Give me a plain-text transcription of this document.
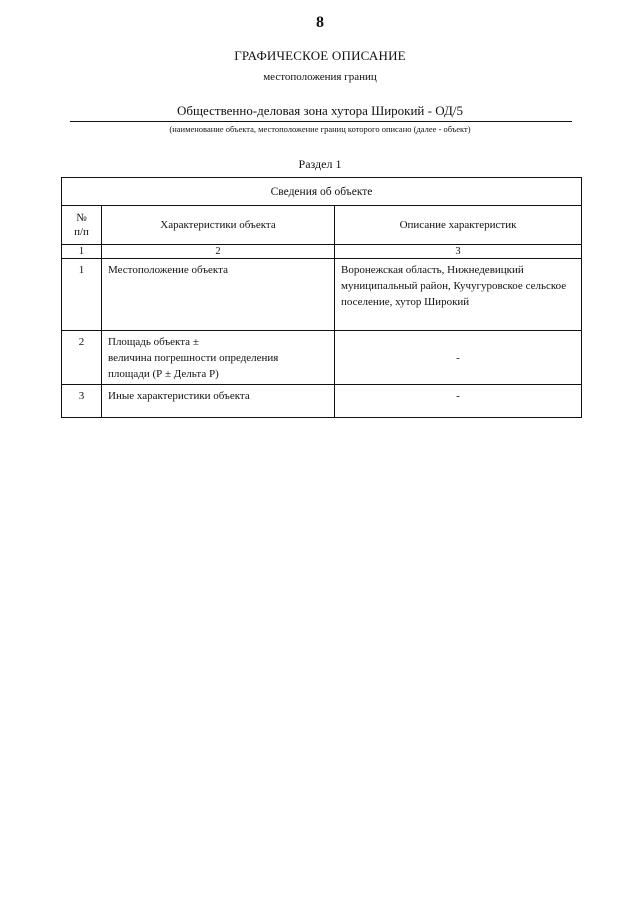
8
ГРАФИЧЕСКОЕ ОПИСАНИЕ
местоположения границ
Общественно-деловая зона хутора Широкий - ОД/5
(наименование объекта, местоположение границ которого описано (далее - объект)
Раздел 1
Сведения об объекте		

№
п/п	Характеристики объекта	Описание характеристик
1	2	3
1	Местоположение объекта	Воронежская область, Нижнедевицкий муниципальный район, Кучугуровское сельское поселение, хутор Широкий
2	Площадь объекта ±
величина погрешности определения
площади (Р ± Дельта Р)	-
3	Иные характеристики объекта	-
